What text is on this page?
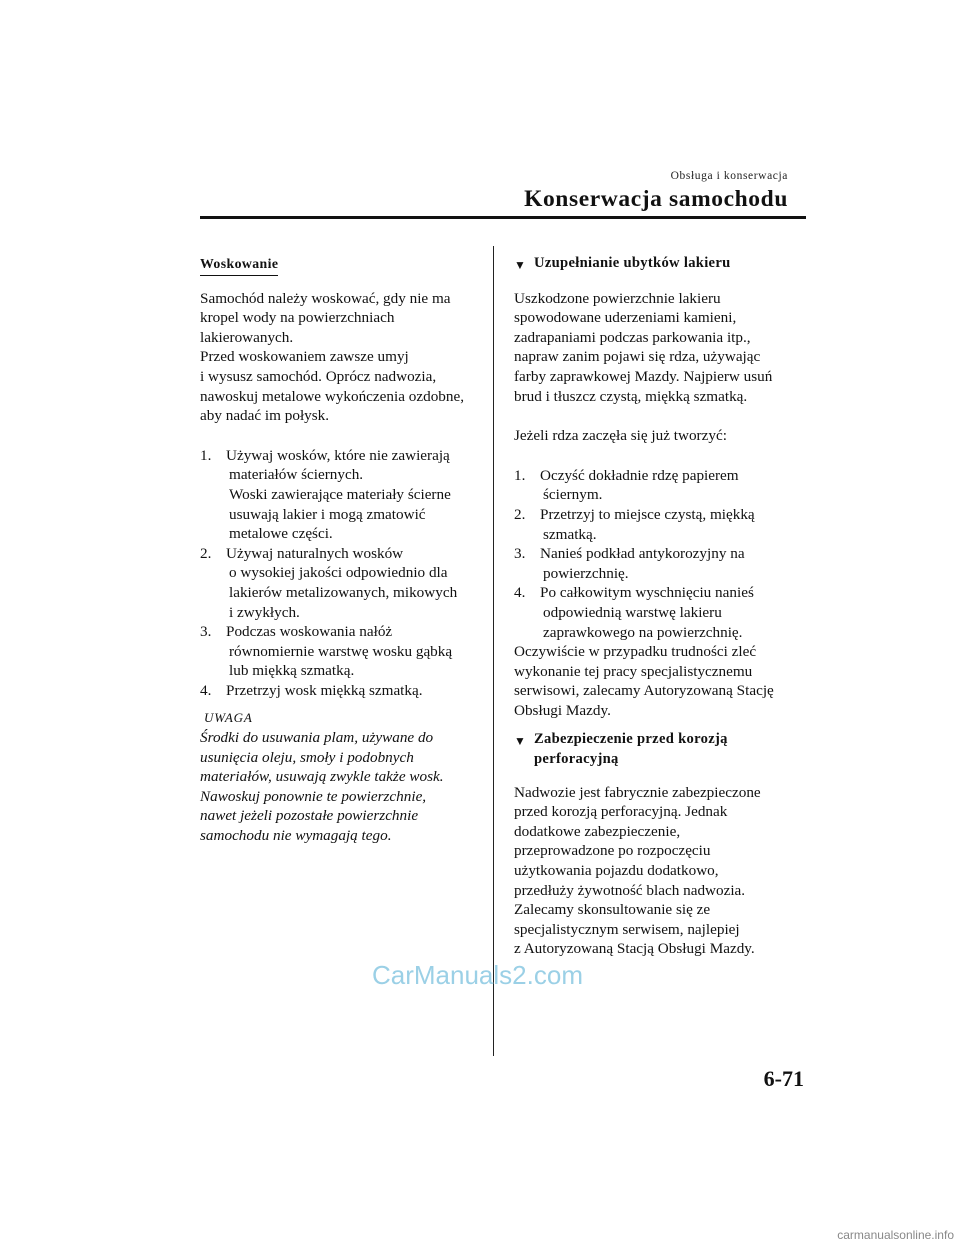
Obsługa i konserwacja
Konserwacja samochodu
Woskowanie

Samochód należy woskować, gdy nie ma
kropel wody na powierzchniach
lakierowanych.

Przed woskowaniem zawsze umyj
i wysusz samochód. Oprócz nadwozia,
nawoskuj metalowe wykończenia ozdobne,
aby nadać im połysk.

1. Używaj wosków, które nie zawierają
materiałów ściernych.
Woski zawierające materiały ścierne
usuwają lakier i mogą zmatowić
metalowe części.
2. Używaj naturalnych wosków
o wysokiej jakości odpowiednio dla
lakierów metalizowanych, mikowych
i zwykłych.
3. Podczas woskowania nałóż
równomiernie warstwę wosku gąbką
lub miękką szmatką.
4. Przetrzyj wosk miękką szmatką.
UWAGA

Środki do usuwania plam, używane do
usunięcia oleju, smoły i podobnych
materiałów, usuwają zwykle także wosk.
Nawoskuj ponownie te powierzchnie,
nawet jeżeli pozostałe powierzchnie
samochodu nie wymagają tego.

▼ Uzupełnianie ubytków lakieru

Uszkodzone powierzchnie lakieru
spowodowane uderzeniami kamieni,
zadrapaniami podczas parkowania itp.,
napraw zanim pojawi się rdza, używając
farby zaprawkowej Mazdy. Najpierw usuń
brud i tłuszcz czystą, miękką szmatką.

Jeżeli rdza zaczęła się już tworzyć:

1. Oczyść dokładnie rdzę papierem
ściernym.
2. Przetrzyj to miejsce czystą, miękką
szmatką.
3. Nanieś podkład antykorozyjny na
powierzchnię.
4. Po całkowitym wyschnięciu nanieś
odpowiednią warstwę lakieru
zaprawkowego na powierzchnię.

Oczywiście w przypadku trudności zleć
wykonanie tej pracy specjalistycznemu
serwisowi, zalecamy Autoryzowaną Stację
Obsługi Mazdy.

▼ Zabezpieczenie przed korozją
perforacyjną

Nadwozie jest fabrycznie zabezpieczone
przed korozją perforacyjną. Jednak
dodatkowe zabezpieczenie,
przeprowadzone po rozpoczęciu
użytkowania pojazdu dodatkowo,
przedłuży żywotność blach nadwozia.
Zalecamy skonsultowanie się ze
specjalistycznym serwisem, najlepiej
z Autoryzowaną Stacją Obsługi Mazdy.

CarManuals2.com
6-71
carmanualsonline.info
